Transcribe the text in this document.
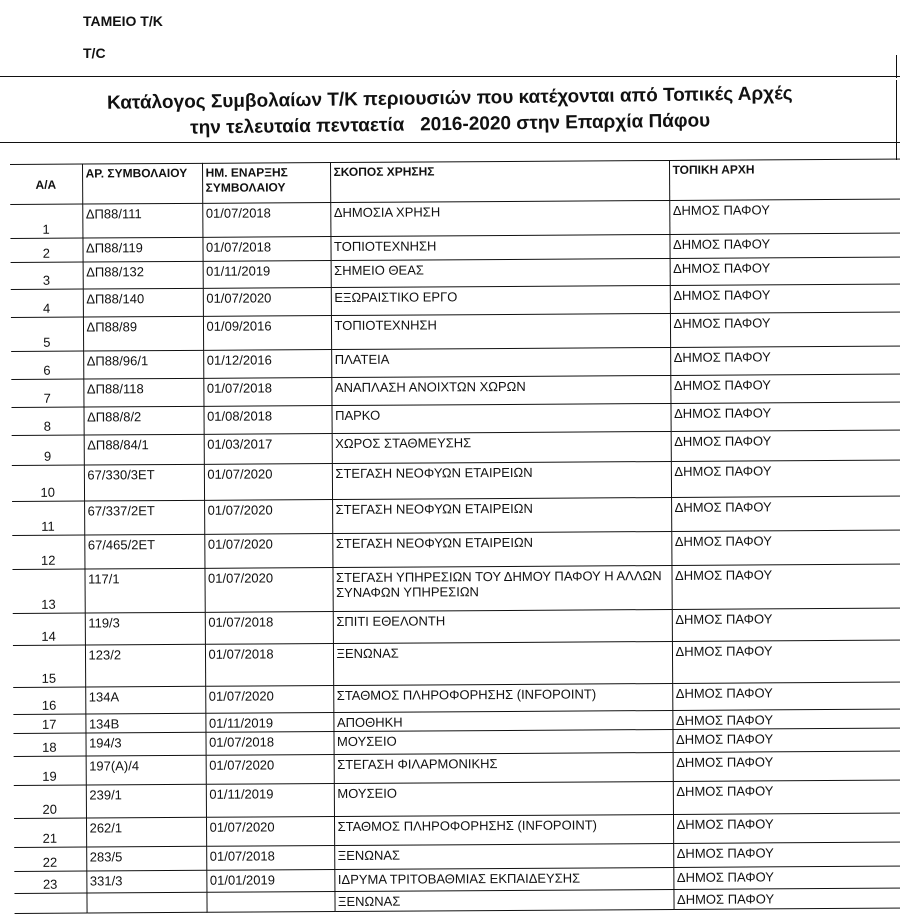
ΤΑΜΕΙΟ Τ/Κ
Τ/C
Κατάλογος Συμβολαίων Τ/Κ περιουσιών που κατέχονται από Τοπικές Αρχές
την τελευταία πενταετία   2016-2020 στην Επαρχία Πάφου
Α/Α	ΑΡ. ΣΥΜΒΟΛΑΙΟΥ	ΗΜ. ΕΝΑΡΞΗΣ ΣΥΜΒΟΛΑΙΟΥ	ΣΚΟΠΟΣ ΧΡΗΣΗΣ	ΤΟΠΙΚΗ ΑΡΧΗ
1	ΔΠ88/111	01/07/2018	ΔΗΜΟΣΙΑ ΧΡΗΣΗ	ΔΗΜΟΣ ΠΑΦΟΥ
2	ΔΠ88/119	01/07/2018	ΤΟΠΙΟΤΕΧΝΗΣΗ	ΔΗΜΟΣ ΠΑΦΟΥ
3	ΔΠ88/132	01/11/2019	ΣΗΜΕΙΟ ΘΕΑΣ	ΔΗΜΟΣ ΠΑΦΟΥ
4	ΔΠ88/140	01/07/2020	ΕΞΩΡΑΙΣΤΙΚΟ ΕΡΓΟ	ΔΗΜΟΣ ΠΑΦΟΥ
5	ΔΠ88/89	01/09/2016	ΤΟΠΙΟΤΕΧΝΗΣΗ	ΔΗΜΟΣ ΠΑΦΟΥ
6	ΔΠ88/96/1	01/12/2016	ΠΛΑΤΕΙΑ	ΔΗΜΟΣ ΠΑΦΟΥ
7	ΔΠ88/118	01/07/2018	ΑΝΑΠΛΑΣΗ ΑΝΟΙΧΤΩΝ ΧΩΡΩΝ	ΔΗΜΟΣ ΠΑΦΟΥ
8	ΔΠ88/8/2	01/08/2018	ΠΑΡΚΟ	ΔΗΜΟΣ ΠΑΦΟΥ
9	ΔΠ88/84/1	01/03/2017	ΧΩΡΟΣ ΣΤΑΘΜΕΥΣΗΣ	ΔΗΜΟΣ ΠΑΦΟΥ
10	67/330/3ΕΤ	01/07/2020	ΣΤΕΓΑΣΗ ΝΕΟΦΥΩΝ ΕΤΑΙΡΕΙΩΝ	ΔΗΜΟΣ ΠΑΦΟΥ
11	67/337/2ΕΤ	01/07/2020	ΣΤΕΓΑΣΗ ΝΕΟΦΥΩΝ ΕΤΑΙΡΕΙΩΝ	ΔΗΜΟΣ ΠΑΦΟΥ
12	67/465/2ΕΤ	01/07/2020	ΣΤΕΓΑΣΗ ΝΕΟΦΥΩΝ ΕΤΑΙΡΕΙΩΝ	ΔΗΜΟΣ ΠΑΦΟΥ
13	117/1	01/07/2020	ΣΤΕΓΑΣΗ ΥΠΗΡΕΣΙΩΝ ΤΟΥ ΔΗΜΟΥ ΠΑΦΟΥ Η ΑΛΛΩΝ ΣΥΝΑΦΩΝ ΥΠΗΡΕΣΙΩΝ	ΔΗΜΟΣ ΠΑΦΟΥ
14	119/3	01/07/2018	ΣΠΙΤΙ ΕΘΕΛΟΝΤΗ	ΔΗΜΟΣ ΠΑΦΟΥ
15	123/2	01/07/2018	ΞΕΝΩΝΑΣ	ΔΗΜΟΣ ΠΑΦΟΥ
16	134Α	01/07/2020	ΣΤΑΘΜΟΣ ΠΛΗΡΟΦΟΡΗΣΗΣ (INFOPOINT)	ΔΗΜΟΣ ΠΑΦΟΥ
17	134Β	01/11/2019	ΑΠΟΘΗΚΗ	ΔΗΜΟΣ ΠΑΦΟΥ
18	194/3	01/07/2018	ΜΟΥΣΕΙΟ	ΔΗΜΟΣ ΠΑΦΟΥ
19	197(Α)/4	01/07/2020	ΣΤΕΓΑΣΗ ΦΙΛΑΡΜΟΝΙΚΗΣ	ΔΗΜΟΣ ΠΑΦΟΥ
20	239/1	01/11/2019	ΜΟΥΣΕΙΟ	ΔΗΜΟΣ ΠΑΦΟΥ
21	262/1	01/07/2020	ΣΤΑΘΜΟΣ ΠΛΗΡΟΦΟΡΗΣΗΣ (INFOPOINT)	ΔΗΜΟΣ ΠΑΦΟΥ
22	283/5	01/07/2018	ΞΕΝΩΝΑΣ	ΔΗΜΟΣ ΠΑΦΟΥ
23	331/3	01/01/2019	ΙΔΡΥΜΑ ΤΡΙΤΟΒΑΘΜΙΑΣ ΕΚΠΑΙΔΕΥΣΗΣ	ΔΗΜΟΣ ΠΑΦΟΥ
			ΞΕΝΩΝΑΣ	ΔΗΜΟΣ ΠΑΦΟΥ
